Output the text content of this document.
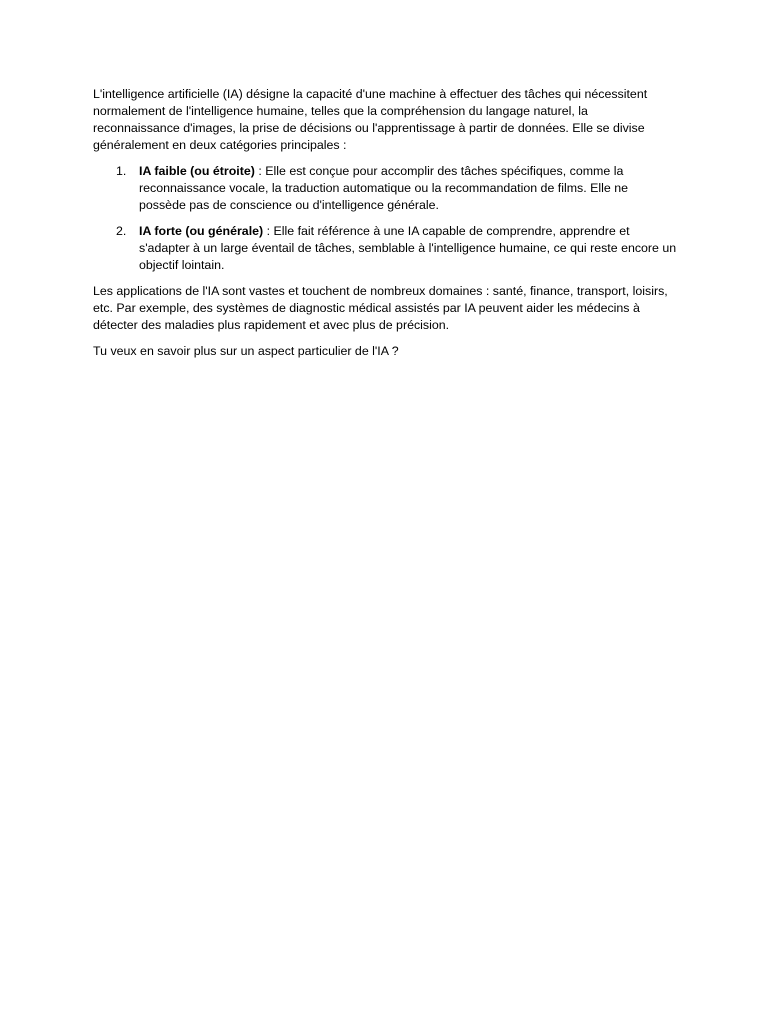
L'intelligence artificielle (IA) désigne la capacité d'une machine à effectuer des tâches qui nécessitent normalement de l'intelligence humaine, telles que la compréhension du langage naturel, la reconnaissance d'images, la prise de décisions ou l'apprentissage à partir de données. Elle se divise généralement en deux catégories principales :

1. IA faible (ou étroite) : Elle est conçue pour accomplir des tâches spécifiques, comme la reconnaissance vocale, la traduction automatique ou la recommandation de films. Elle ne possède pas de conscience ou d'intelligence générale.
2. IA forte (ou générale) : Elle fait référence à une IA capable de comprendre, apprendre et s'adapter à un large éventail de tâches, semblable à l'intelligence humaine, ce qui reste encore un objectif lointain.

Les applications de l'IA sont vastes et touchent de nombreux domaines : santé, finance, transport, loisirs, etc. Par exemple, des systèmes de diagnostic médical assistés par IA peuvent aider les médecins à détecter des maladies plus rapidement et avec plus de précision.

Tu veux en savoir plus sur un aspect particulier de l'IA ?
